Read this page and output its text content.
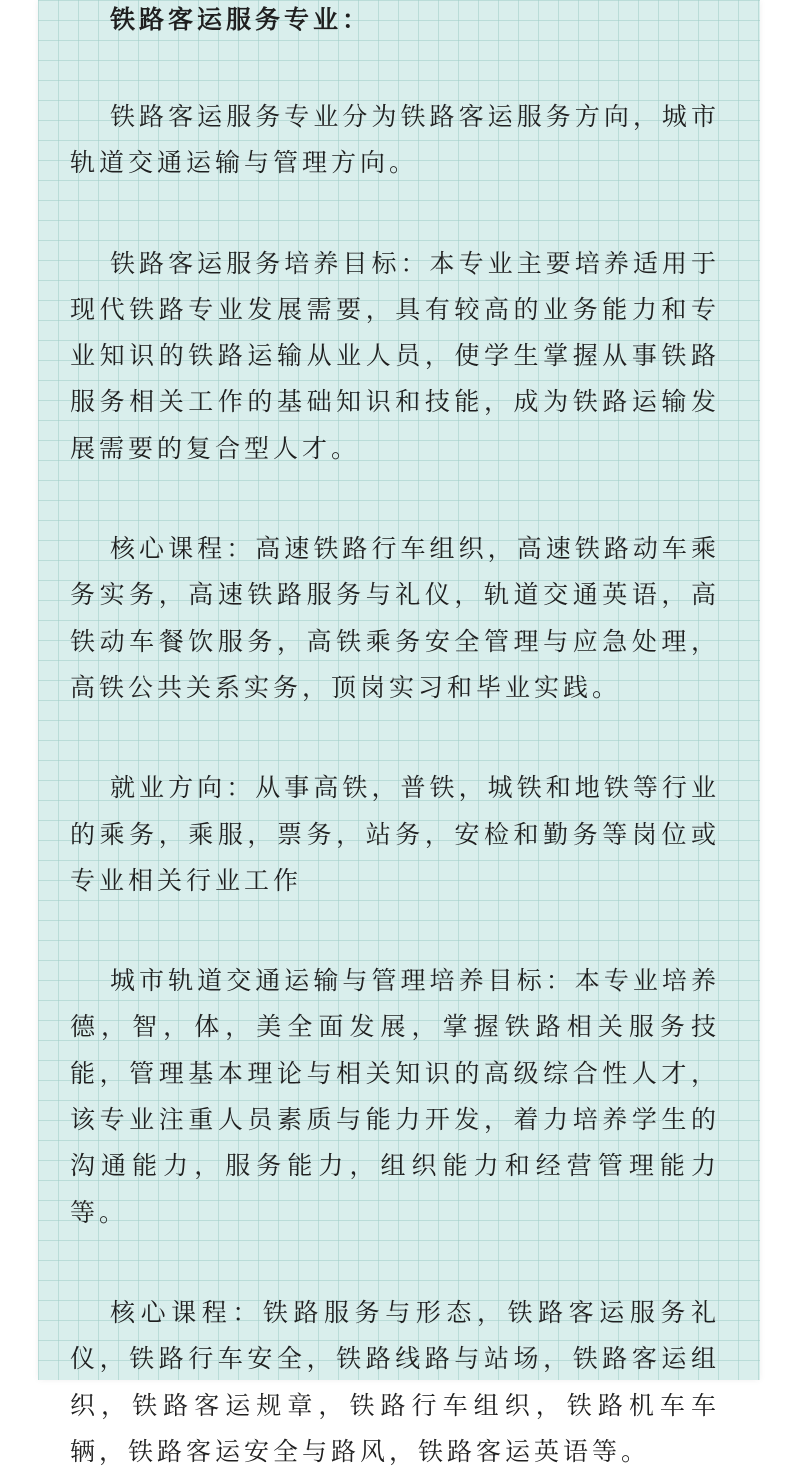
铁路客运服务专业：

铁路客运服务专业分为铁路客运服务方向，城市轨道交通运输与管理方向。

铁路客运服务培养目标：本专业主要培养适用于现代铁路专业发展需要，具有较高的业务能力和专业知识的铁路运输从业人员，使学生掌握从事铁路服务相关工作的基础知识和技能，成为铁路运输发展需要的复合型人才。

核心课程：高速铁路行车组织，高速铁路动车乘务实务，高速铁路服务与礼仪，轨道交通英语，高铁动车餐饮服务，高铁乘务安全管理与应急处理，高铁公共关系实务，顶岗实习和毕业实践。

就业方向：从事高铁，普铁，城铁和地铁等行业的乘务，乘服，票务，站务，安检和勤务等岗位或专业相关行业工作

城市轨道交通运输与管理培养目标：本专业培养德，智，体，美全面发展，掌握铁路相关服务技能，管理基本理论与相关知识的高级综合性人才，该专业注重人员素质与能力开发，着力培养学生的沟通能力，服务能力，组织能力和经营管理能力等。

核心课程：铁路服务与形态，铁路客运服务礼仪，铁路行车安全，铁路线路与站场，铁路客运组织，铁路客运规章，铁路行车组织，铁路机车车辆，铁路客运安全与路风，铁路客运英语等。
